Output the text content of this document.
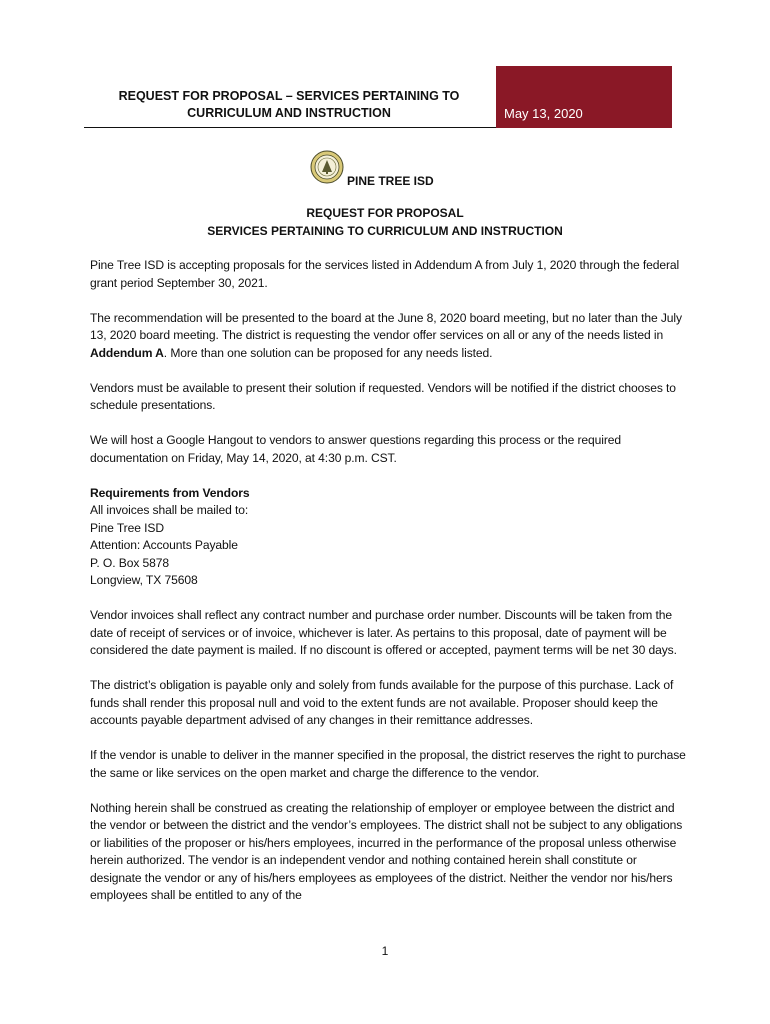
REQUEST FOR PROPOSAL – SERVICES PERTAINING TO
CURRICULUM AND INSTRUCTION	May 13, 2020
PINE TREE ISD
REQUEST FOR PROPOSAL
SERVICES PERTAINING TO CURRICULUM AND INSTRUCTION

Pine Tree ISD is accepting proposals for the services listed in Addendum A from July 1, 2020 through the federal grant period September 30, 2021.

The recommendation will be presented to the board at the June 8, 2020 board meeting, but no later than the July 13, 2020 board meeting. The district is requesting the vendor offer services on all or any of the needs listed in Addendum A. More than one solution can be proposed for any needs listed.

Vendors must be available to present their solution if requested. Vendors will be notified if the district chooses to schedule presentations.

We will host a Google Hangout to vendors to answer questions regarding this process or the required documentation on Friday, May 14, 2020, at 4:30 p.m. CST.

Requirements from Vendors

All invoices shall be mailed to:

Pine Tree ISD

Attention: Accounts Payable

P. O. Box 5878

Longview, TX 75608

Vendor invoices shall reflect any contract number and purchase order number. Discounts will be taken from the date of receipt of services or of invoice, whichever is later. As pertains to this proposal, date of payment will be considered the date payment is mailed. If no discount is offered or accepted, payment terms will be net 30 days.

The district’s obligation is payable only and solely from funds available for the purpose of this purchase. Lack of funds shall render this proposal null and void to the extent funds are not available. Proposer should keep the accounts payable department advised of any changes in their remittance addresses.

If the vendor is unable to deliver in the manner specified in the proposal, the district reserves the right to purchase the same or like services on the open market and charge the difference to the vendor.

Nothing herein shall be construed as creating the relationship of employer or employee between the district and the vendor or between the district and the vendor’s employees. The district shall not be subject to any obligations or liabilities of the proposer or his/hers employees, incurred in the performance of the proposal unless otherwise herein authorized. The vendor is an independent vendor and nothing contained herein shall constitute or designate the vendor or any of his/hers employees as employees of the district. Neither the vendor nor his/hers employees shall be entitled to any of the

1
